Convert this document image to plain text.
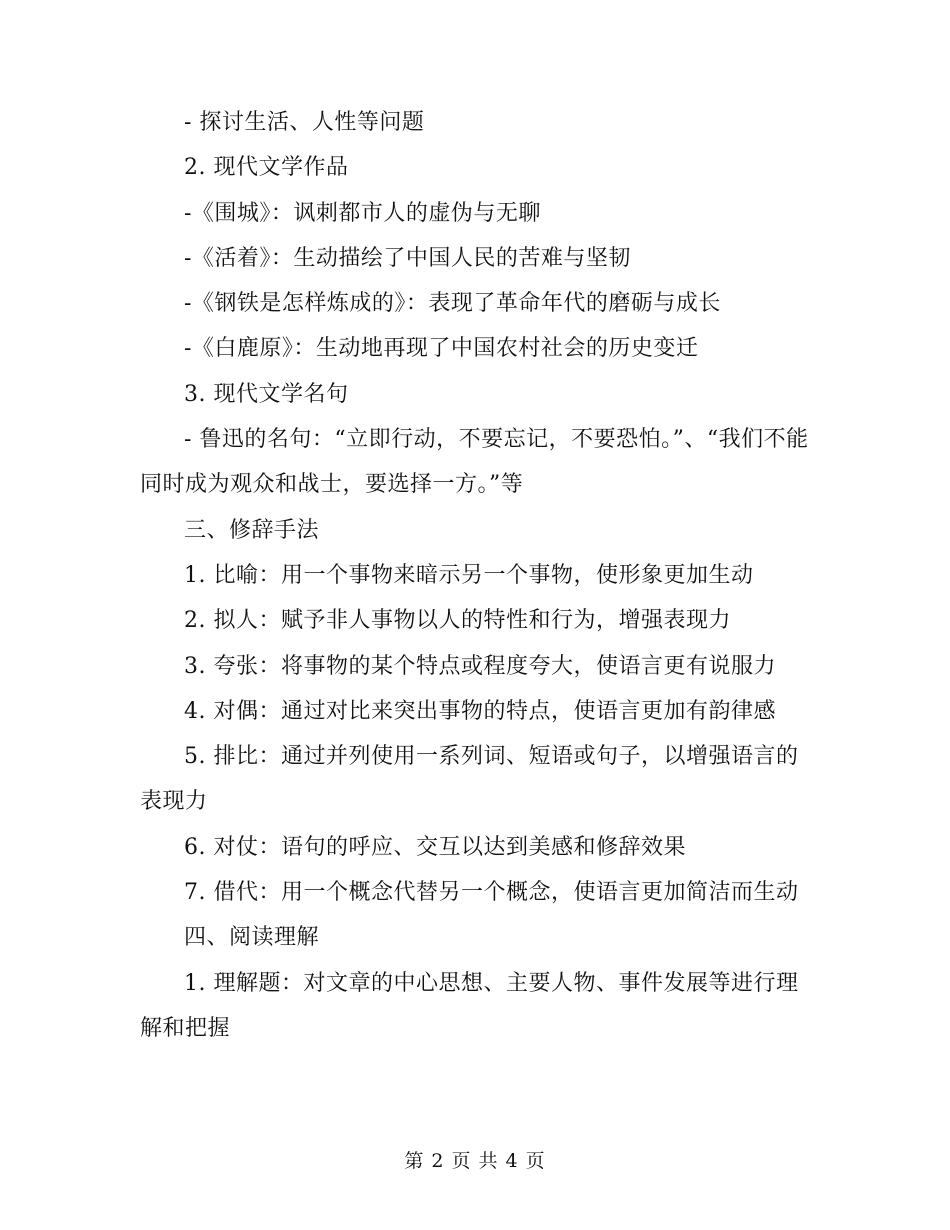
- 探讨生活、人性等问题

2. 现代文学作品

-《围城》：讽刺都市人的虚伪与无聊

-《活着》：生动描绘了中国人民的苦难与坚韧

-《钢铁是怎样炼成的》：表现了革命年代的磨砺与成长

-《白鹿原》：生动地再现了中国农村社会的历史变迁

3. 现代文学名句

- 鲁迅的名句：“立即行动，不要忘记，不要恐怕。”、“我们不能同时成为观众和战士，要选择一方。”等

三、修辞手法

1. 比喻：用一个事物来暗示另一个事物，使形象更加生动

2. 拟人：赋予非人事物以人的特性和行为，增强表现力

3. 夸张：将事物的某个特点或程度夸大，使语言更有说服力

4. 对偶：通过对比来突出事物的特点，使语言更加有韵律感

5. 排比：通过并列使用一系列词、短语或句子，以增强语言的表现力

6. 对仗：语句的呼应、交互以达到美感和修辞效果

7. 借代：用一个概念代替另一个概念，使语言更加简洁而生动

四、阅读理解

1. 理解题：对文章的中心思想、主要人物、事件发展等进行理解和把握

第 2 页 共 4 页
